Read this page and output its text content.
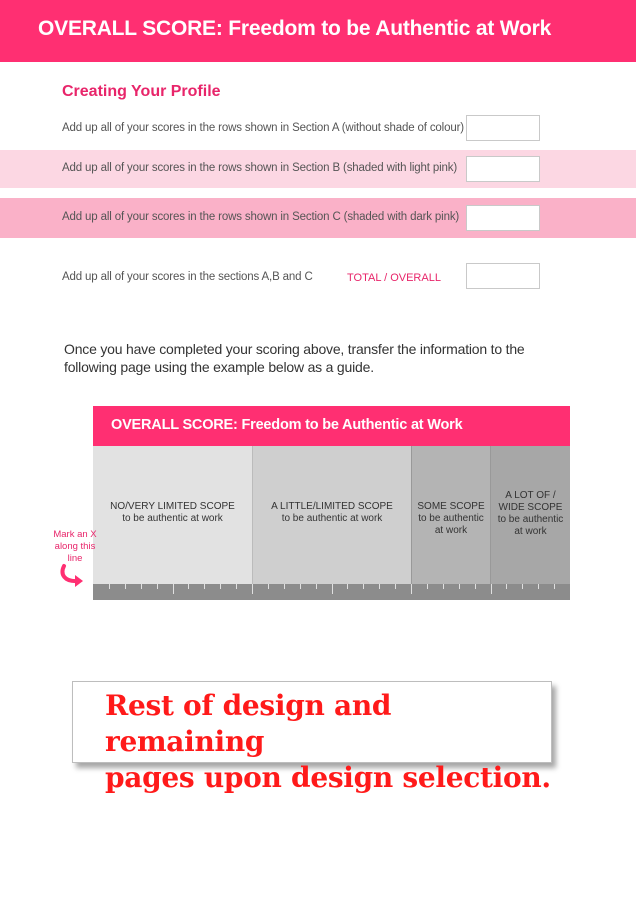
OVERALL SCORE: Freedom to be Authentic at Work
Creating Your Profile
Add up all of your scores in the rows shown in Section A (without shade of colour)
Add up all of your scores in the rows shown in Section B (shaded with light pink)
Add up all of your scores in the rows shown in Section C (shaded with dark pink)
Add up all of your scores in the sections A,B and C	TOTAL / OVERALL
Once you have completed your scoring above, transfer the information to the following page using the example below as a guide.
OVERALL SCORE: Freedom to be Authentic at Work
NO/VERY LIMITED SCOPE
to be authentic at work
A LITTLE/LIMITED SCOPE
to be authentic at work
SOME SCOPE
to be authentic
at work
A LOT OF /
WIDE SCOPE
to be authentic
at work
Mark an X
along this line
Rest of design and remaining
pages upon design selection.
